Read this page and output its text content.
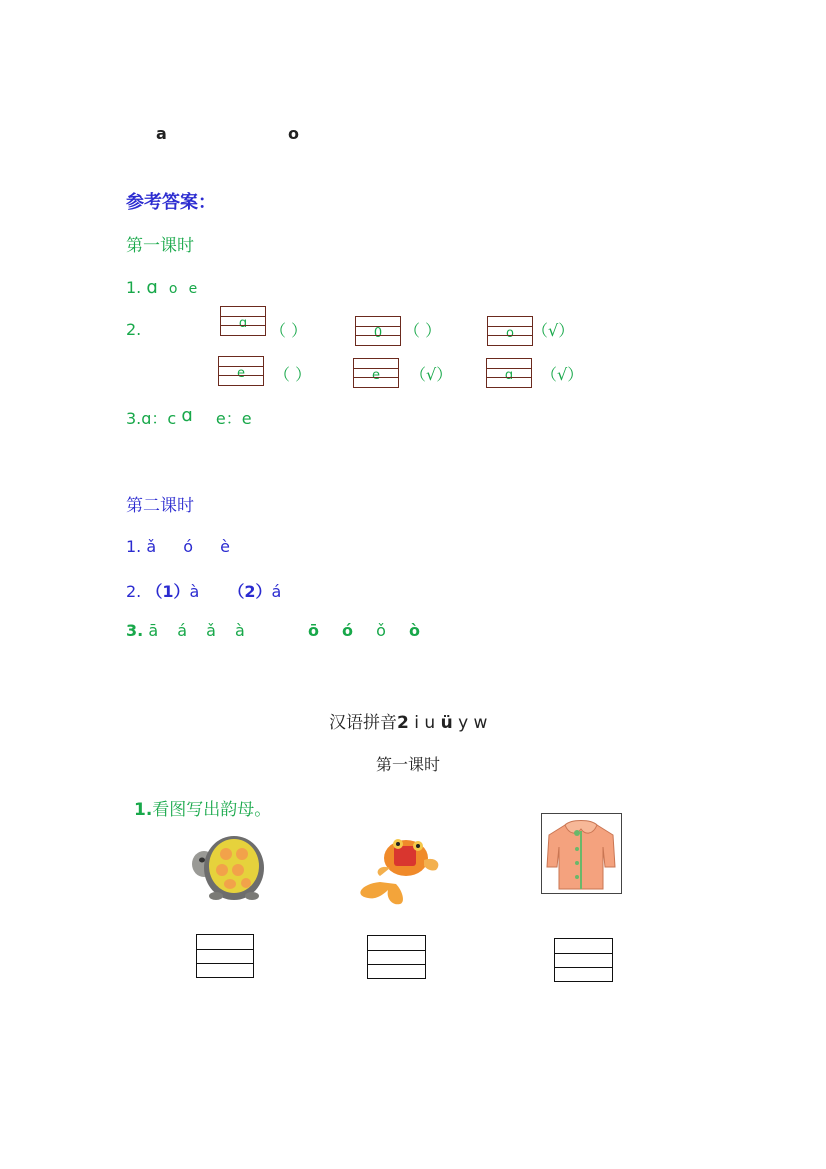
a	o
参考答案：
第一课时
1. ɑ o e
2.	ɑ	（ ）	0	（ ）	o	（√）
e	（ ）	e	（√）	ɑ	（√）
3.ɑ：c ɑ e：e
第二课时
1. ǎ ó è
2. （1）à （2）á
3. ā á ǎ à	ō ó ǒ ò
汉语拼音2 i u ü y w
第一课时
1.看图写出韵母。
